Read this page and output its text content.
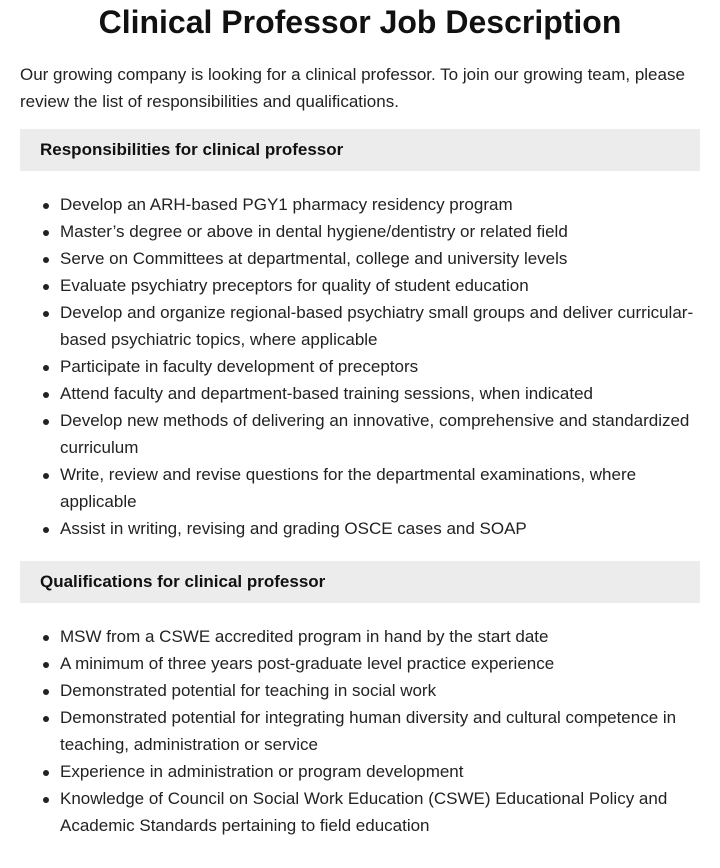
Clinical Professor Job Description

Our growing company is looking for a clinical professor. To join our growing team, please review the list of responsibilities and qualifications.

Responsibilities for clinical professor
Develop an ARH-based PGY1 pharmacy residency program
Master’s degree or above in dental hygiene/dentistry or related field
Serve on Committees at departmental, college and university levels
Evaluate psychiatry preceptors for quality of student education
Develop and organize regional-based psychiatry small groups and deliver curricular-based psychiatric topics, where applicable
Participate in faculty development of preceptors
Attend faculty and department-based training sessions, when indicated
Develop new methods of delivering an innovative, comprehensive and standardized curriculum
Write, review and revise questions for the departmental examinations, where applicable
Assist in writing, revising and grading OSCE cases and SOAP
Qualifications for clinical professor
MSW from a CSWE accredited program in hand by the start date
A minimum of three years post-graduate level practice experience
Demonstrated potential for teaching in social work
Demonstrated potential for integrating human diversity and cultural competence in teaching, administration or service
Experience in administration or program development
Knowledge of Council on Social Work Education (CSWE) Educational Policy and Academic Standards pertaining to field education
